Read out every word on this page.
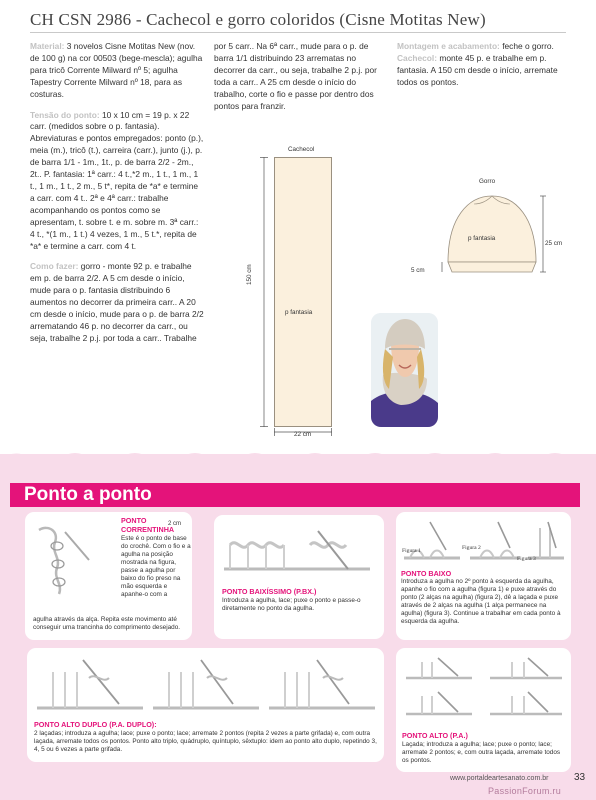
CH CSN 2986 - Cachecol e gorro coloridos (Cisne Motitas New)

Material: 3 novelos Cisne Motitas New (nov. de 100 g) na cor 00503 (bege-mescla); agulha para tricô Corrente Milward nº 5; agulha Tapestry Corrente Milward nº 18, para as costuras.

Tensão do ponto: 10 x 10 cm = 19 p. x 22 carr. (medidos sobre o p. fantasia). Abreviaturas e pontos empregados: ponto (p.), meia (m.), tricô (t.), carreira (carr.), junto (j.), p. de barra 1/1 - 1m., 1t., p. de barra 2/2 - 2m., 2t.. P. fantasia: 1ª carr.: 4 t.,*2 m., 1 t., 1 m., 1 t., 1 m., 1 t., 2 m., 5 t*, repita de *a* e termine a carr. com 4 t.. 2ª e 4ª carr.: trabalhe acompanhando os pontos como se apresentam, t. sobre t. e m. sobre m. 3ª carr.: 4 t., *(1 m., 1 t.) 4 vezes, 1 m., 5 t.*, repita de *a* e termine a carr. com 4 t.

Como fazer: gorro - monte 92 p. e trabalhe em p. de barra 2/2. A 5 cm desde o início, mude para o p. fantasia distribuindo 6 aumentos no decorrer da primeira carr.. A 20 cm desde o início, mude para o p. de barra 2/2 arrematando 46 p. no decorrer da carr., ou seja, trabalhe 2 p.j. por toda a carr.. Trabalhe

por 5 carr.. Na 6ª carr., mude para o p. de barra 1/1 distribuindo 23 arrematas no decorrer da carr., ou seja, trabalhe 2 p.j. por toda a carr.. A 25 cm desde o início do trabalho, corte o fio e passe por dentro dos pontos para franzir.

Montagem e acabamento: feche o gorro.

Cachecol: monte 45 p. e trabalhe em p. fantasia. A 150 cm desde o início, arremate todos os pontos.

Cachecol
p fantasia
150 cm
22 cm
Gorro
p fantasia
25 cm
5 cm
Ponto a ponto
PONTO CORRENTINHA
2 cm
Este é o ponto de base do crochê. Com o fio e a agulha na posição mostrada na figura, passe a agulha por baixo do fio preso na mão esquerda e apanhe-o com a
agulha através da alça. Repita este movimento até conseguir uma trancinha do comprimento desejado.
PONTO BAIXÍSSIMO (P.BX.)
Introduza a agulha, lace; puxe o ponto e passe-o diretamente no ponto da agulha.
Figura 1	Figura 2
Figura 3
PONTO BAIXO
Introduza a agulha no 2º ponto à esquerda da agulha, apanhe o fio com a agulha (figura 1) e puxe através do ponto (2 alças na agulha) (figura 2), dê a laçada e puxe através de 2 alças na agulha (1 alça permanece na agulha) (figura 3). Continue a trabalhar em cada ponto à esquerda da agulha.
PONTO ALTO DUPLO (P.A. DUPLO):
2 laçadas; introduza a agulha; lace; puxe o ponto; lace; arremate 2 pontos (repita 2 vezes a parte grifada) e, com outra laçada, arremate todos os pontos. Ponto alto triplo, quádruplo, quíntuplo, sêxtuplo: idem ao ponto alto duplo, repetindo 3, 4, 5 ou 6 vezes a parte grifada.
PONTO ALTO (P.A.)
Laçada; introduza a agulha; lace; puxe o ponto; lace; arremate 2 pontos; e, com outra laçada, arremate todos os pontos.
www.portaldeartesanato.com.br	33
PassionForum.ru
